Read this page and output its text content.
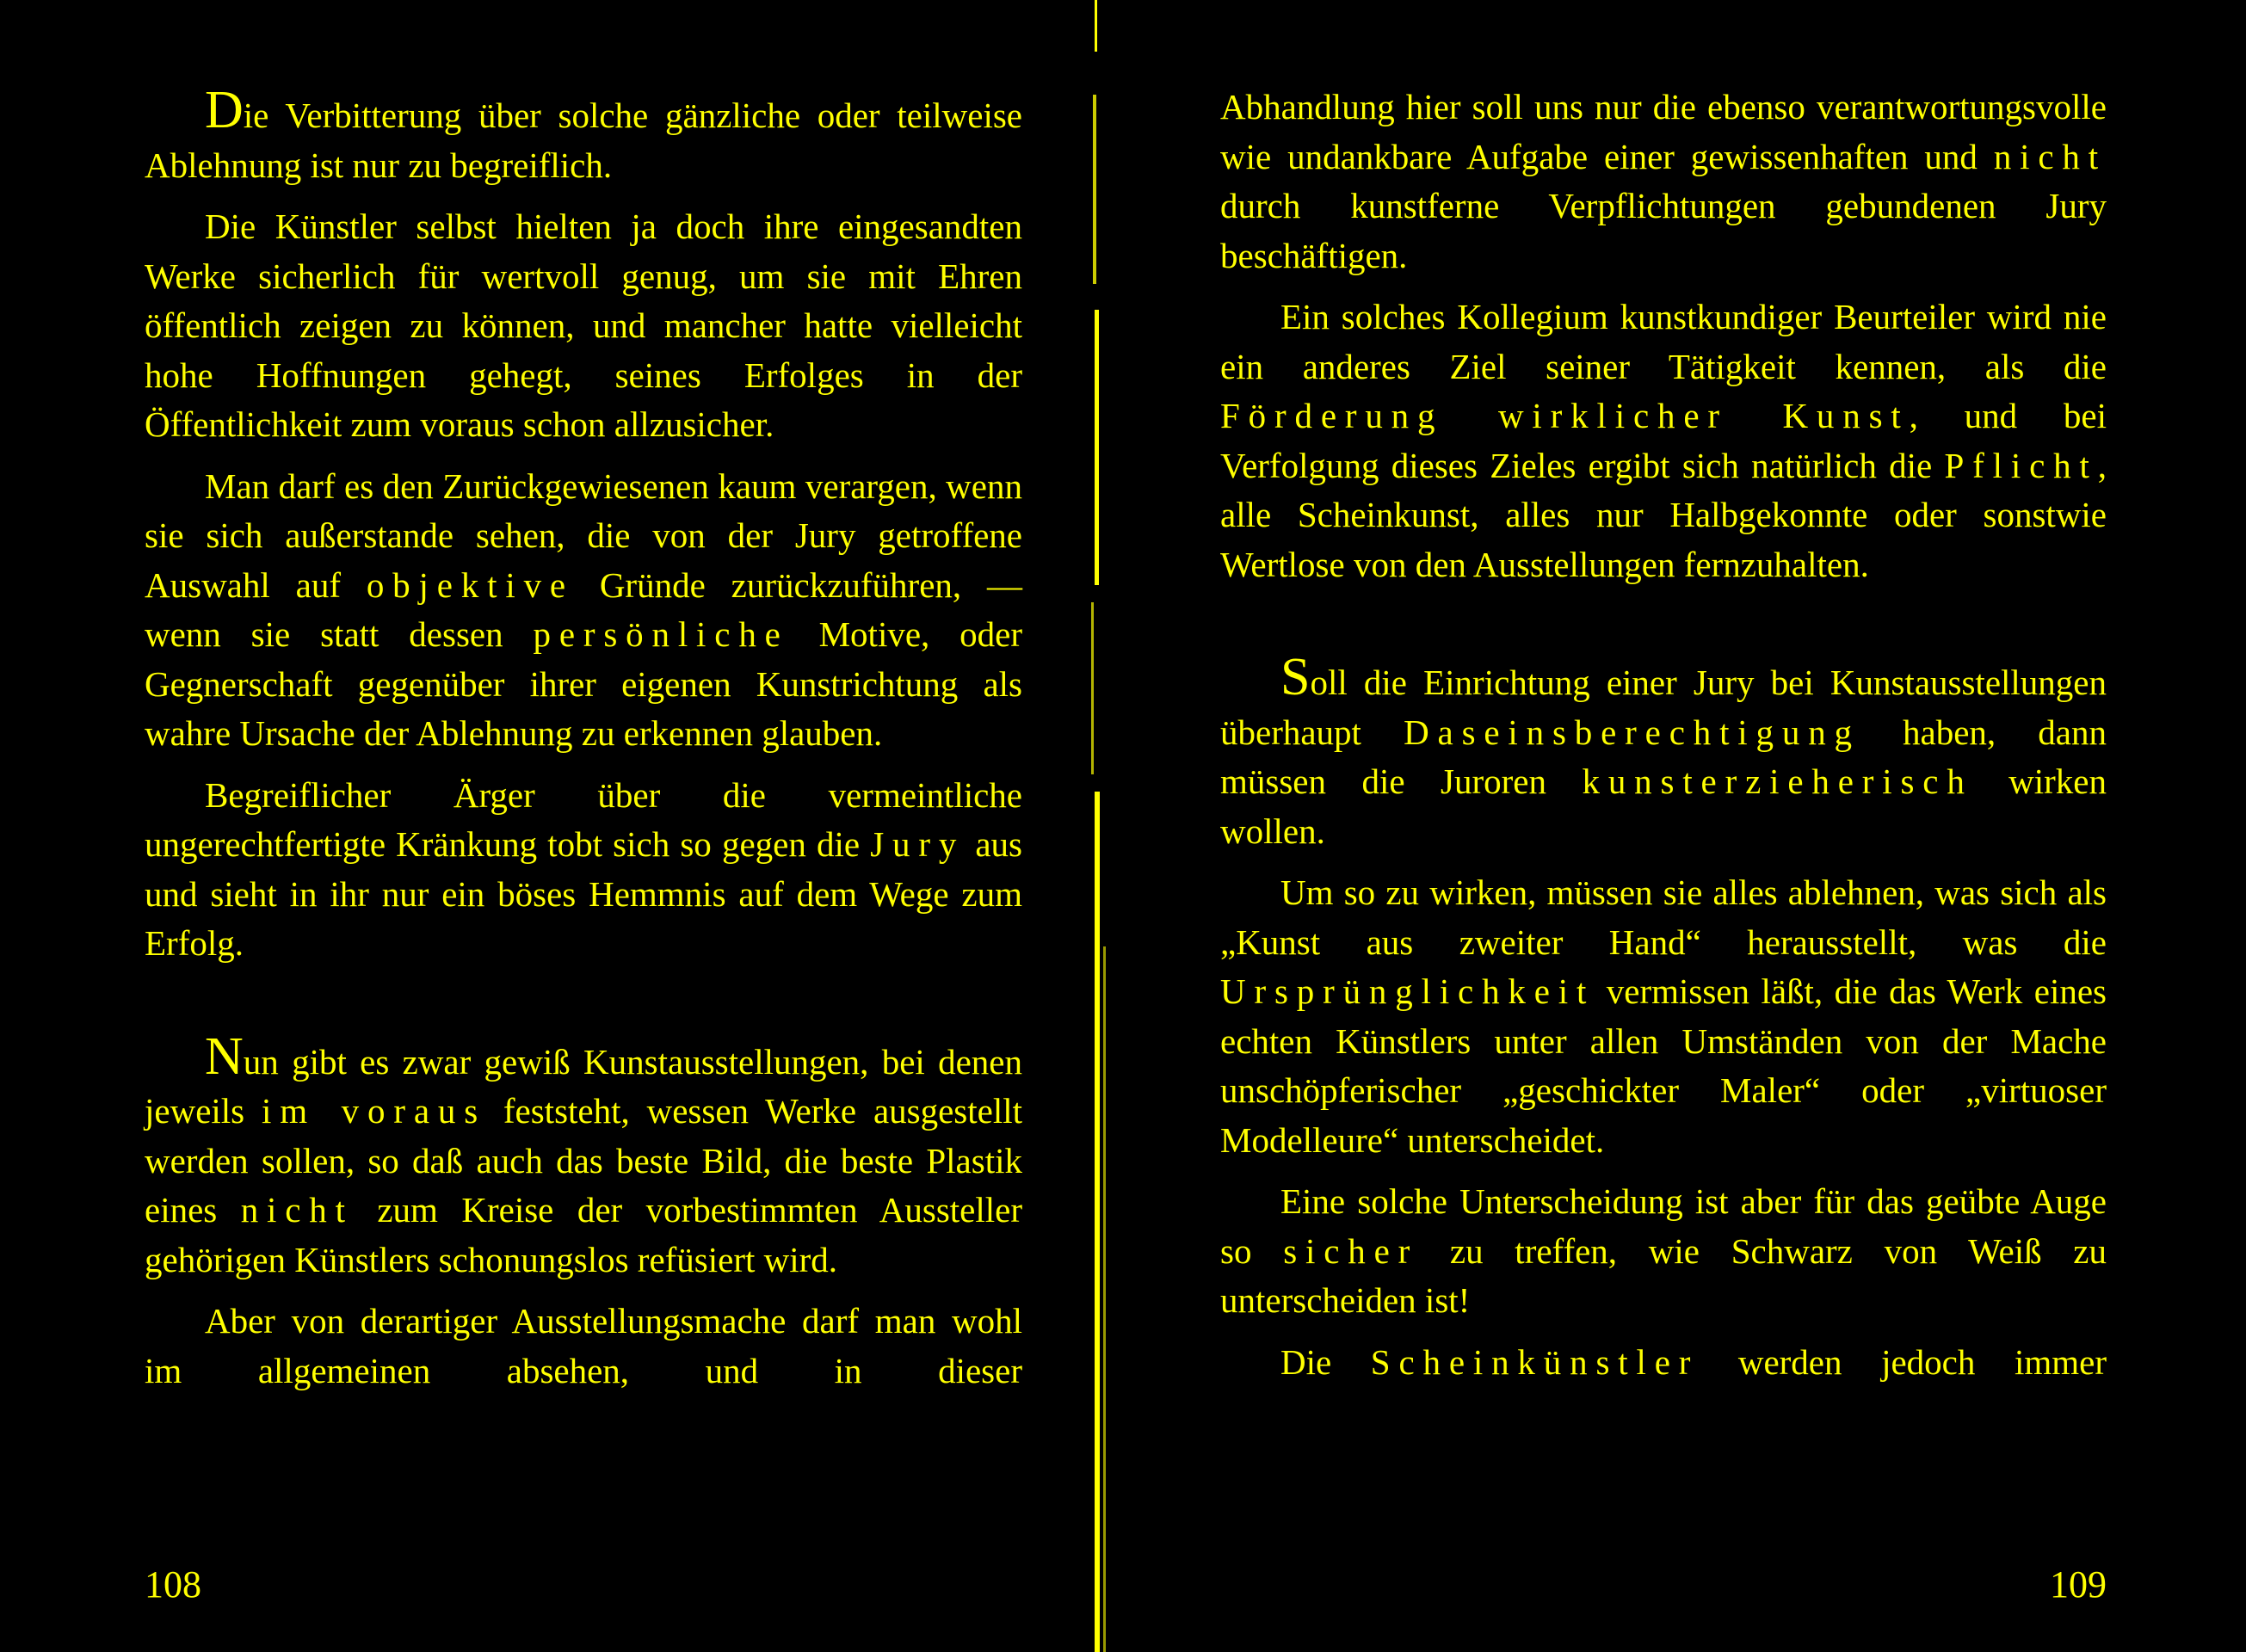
Die Verbitterung über solche gänzliche oder teilweise Ablehnung ist nur zu begreiflich.

Die Künstler selbst hielten ja doch ihre eingesandten Werke sicherlich für wertvoll genug, um sie mit Ehren öffentlich zeigen zu können, und mancher hatte vielleicht hohe Hoffnungen gehegt, seines Erfolges in der Öffentlichkeit zum voraus schon allzusicher.

Man darf es den Zurückgewiesenen kaum verargen, wenn sie sich außerstande sehen, die von der Jury getroffene Auswahl auf objektive Gründe zurückzuführen, — wenn sie statt dessen persönliche Motive, oder Gegnerschaft gegenüber ihrer eigenen Kunstrichtung als wahre Ursache der Ablehnung zu erkennen glauben.

Begreiflicher Ärger über die vermeintliche ungerechtfertigte Kränkung tobt sich so gegen die Jury aus und sieht in ihr nur ein böses Hemmnis auf dem Wege zum Erfolg.

Nun gibt es zwar gewiß Kunstausstellungen, bei denen jeweils im voraus feststeht, wessen Werke ausgestellt werden sollen, so daß auch das beste Bild, die beste Plastik eines nicht zum Kreise der vorbestimmten Aussteller gehörigen Künstlers schonungslos refüsiert wird.

Aber von derartiger Ausstellungsmache darf man wohl im allgemeinen absehen, und in dieser

108

Abhandlung hier soll uns nur die ebenso verantwortungsvolle wie undankbare Aufgabe einer gewissenhaften und nicht durch kunstferne Verpflichtungen gebundenen Jury beschäftigen.

Ein solches Kollegium kunstkundiger Beurteiler wird nie ein anderes Ziel seiner Tätigkeit kennen, als die Förderung wirklicher Kunst, und bei Verfolgung dieses Zieles ergibt sich natürlich die Pflicht, alle Scheinkunst, alles nur Halbgekonnte oder sonstwie Wertlose von den Ausstellungen fernzuhalten.

Soll die Einrichtung einer Jury bei Kunstausstellungen überhaupt Daseinsberechtigung haben, dann müssen die Juroren kunsterzieherisch wirken wollen.

Um so zu wirken, müssen sie alles ablehnen, was sich als „Kunst aus zweiter Hand“ herausstellt, was die Ursprünglichkeit vermissen läßt, die das Werk eines echten Künstlers unter allen Umständen von der Mache unschöpferischer „geschickter Maler“ oder „virtuoser Modelleure“ unterscheidet.

Eine solche Unterscheidung ist aber für das geübte Auge so sicher zu treffen, wie Schwarz von Weiß zu unterscheiden ist!

Die Scheinkünstler werden jedoch immer

109
